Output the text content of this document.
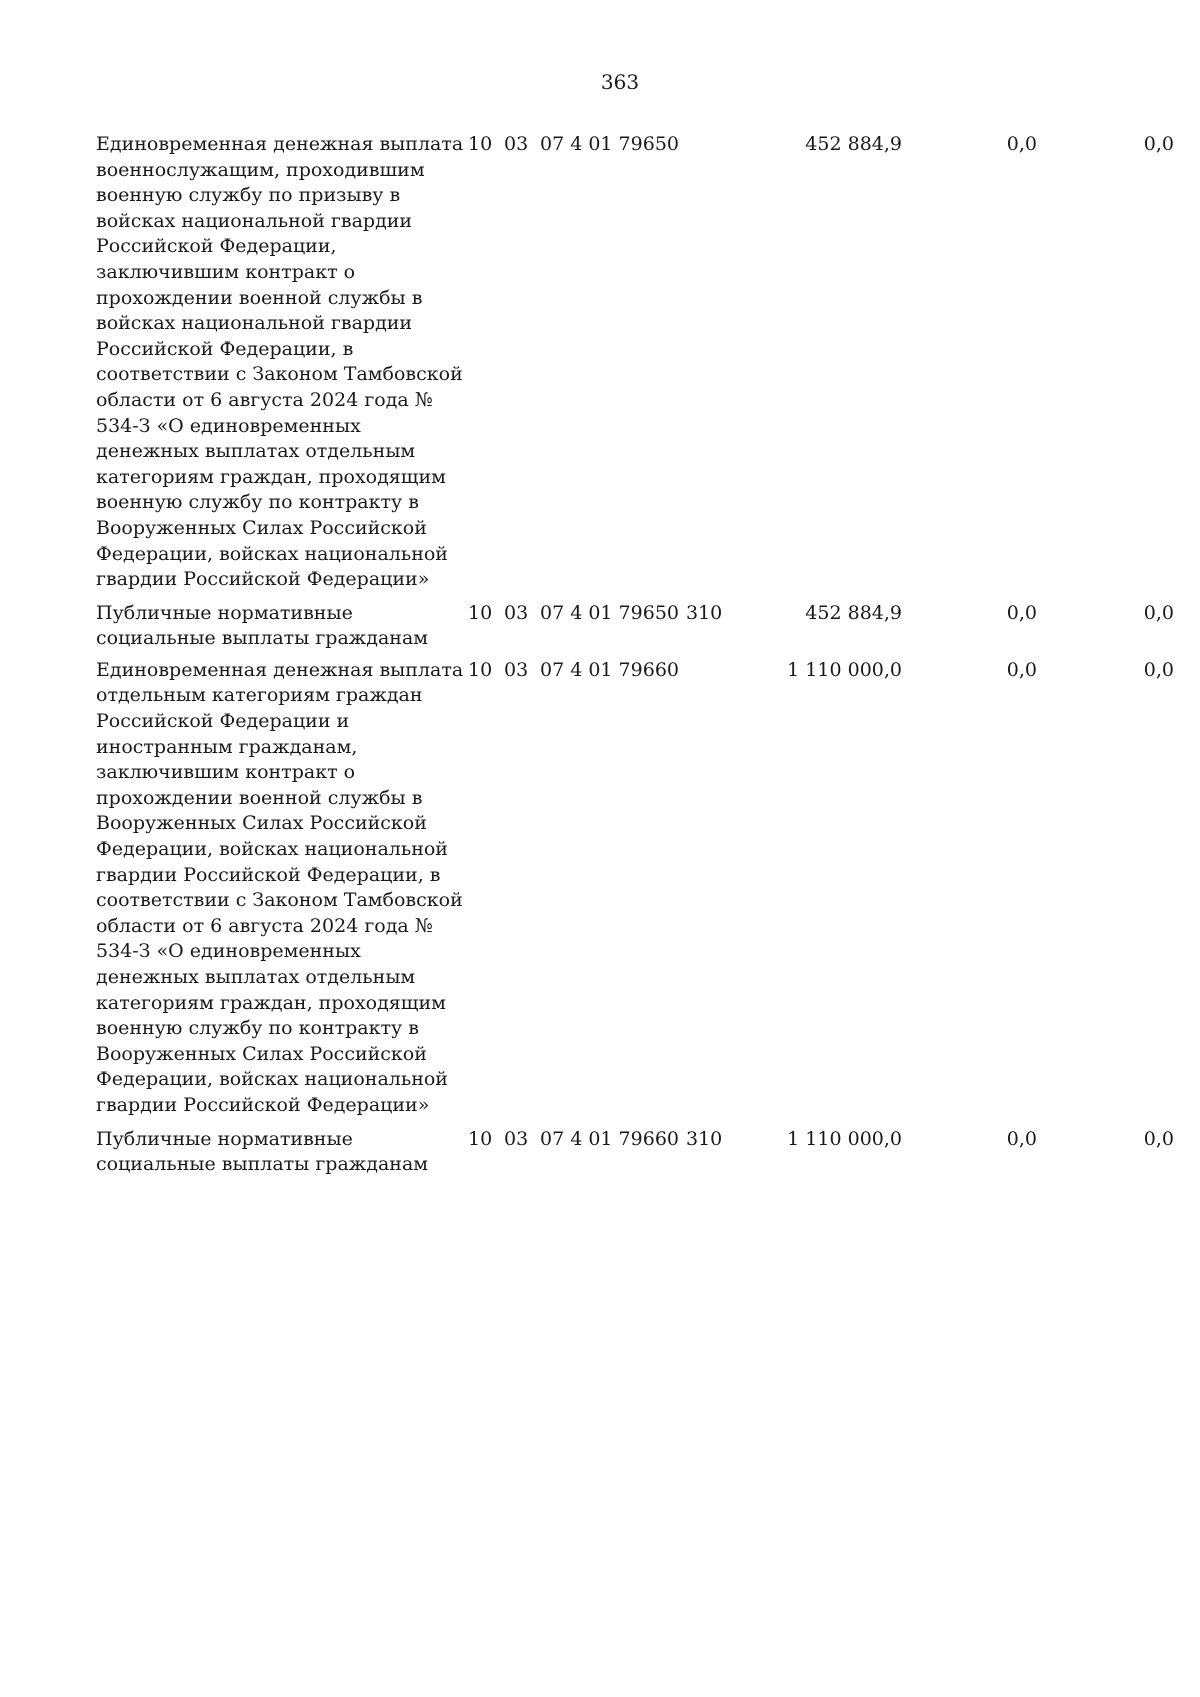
363
Единовременная денежная выплата военнослужащим, проходившим военную службу по призыву в войсках национальной гвардии Российской Федерации, заключившим контракт о прохождении военной службы в войсках национальной гвардии Российской Федерации, в соответствии с Законом Тамбовской области от 6 августа 2024 года № 534-З «О единовременных денежных выплатах отдельным категориям граждан, проходящим военную службу по контракту в Вооруженных Силах Российской Федерации, войсках национальной гвардии Российской Федерации»	10	03	07 4 01 79650		452 884,9	0,0	0,0
Публичные нормативные социальные выплаты гражданам	10	03	07 4 01 79650	310	452 884,9	0,0	0,0
Единовременная денежная выплата отдельным категориям граждан Российской Федерации и иностранным гражданам, заключившим контракт о прохождении военной службы в Вооруженных Силах Российской Федерации, войсках национальной гвардии Российской Федерации, в соответствии с Законом Тамбовской области от 6 августа 2024 года № 534-З «О единовременных денежных выплатах отдельным категориям граждан, проходящим военную службу по контракту в Вооруженных Силах Российской Федерации, войсках национальной гвардии Российской Федерации»	10	03	07 4 01 79660		1 110 000,0	0,0	0,0
Публичные нормативные социальные выплаты гражданам	10	03	07 4 01 79660	310	1 110 000,0	0,0	0,0
